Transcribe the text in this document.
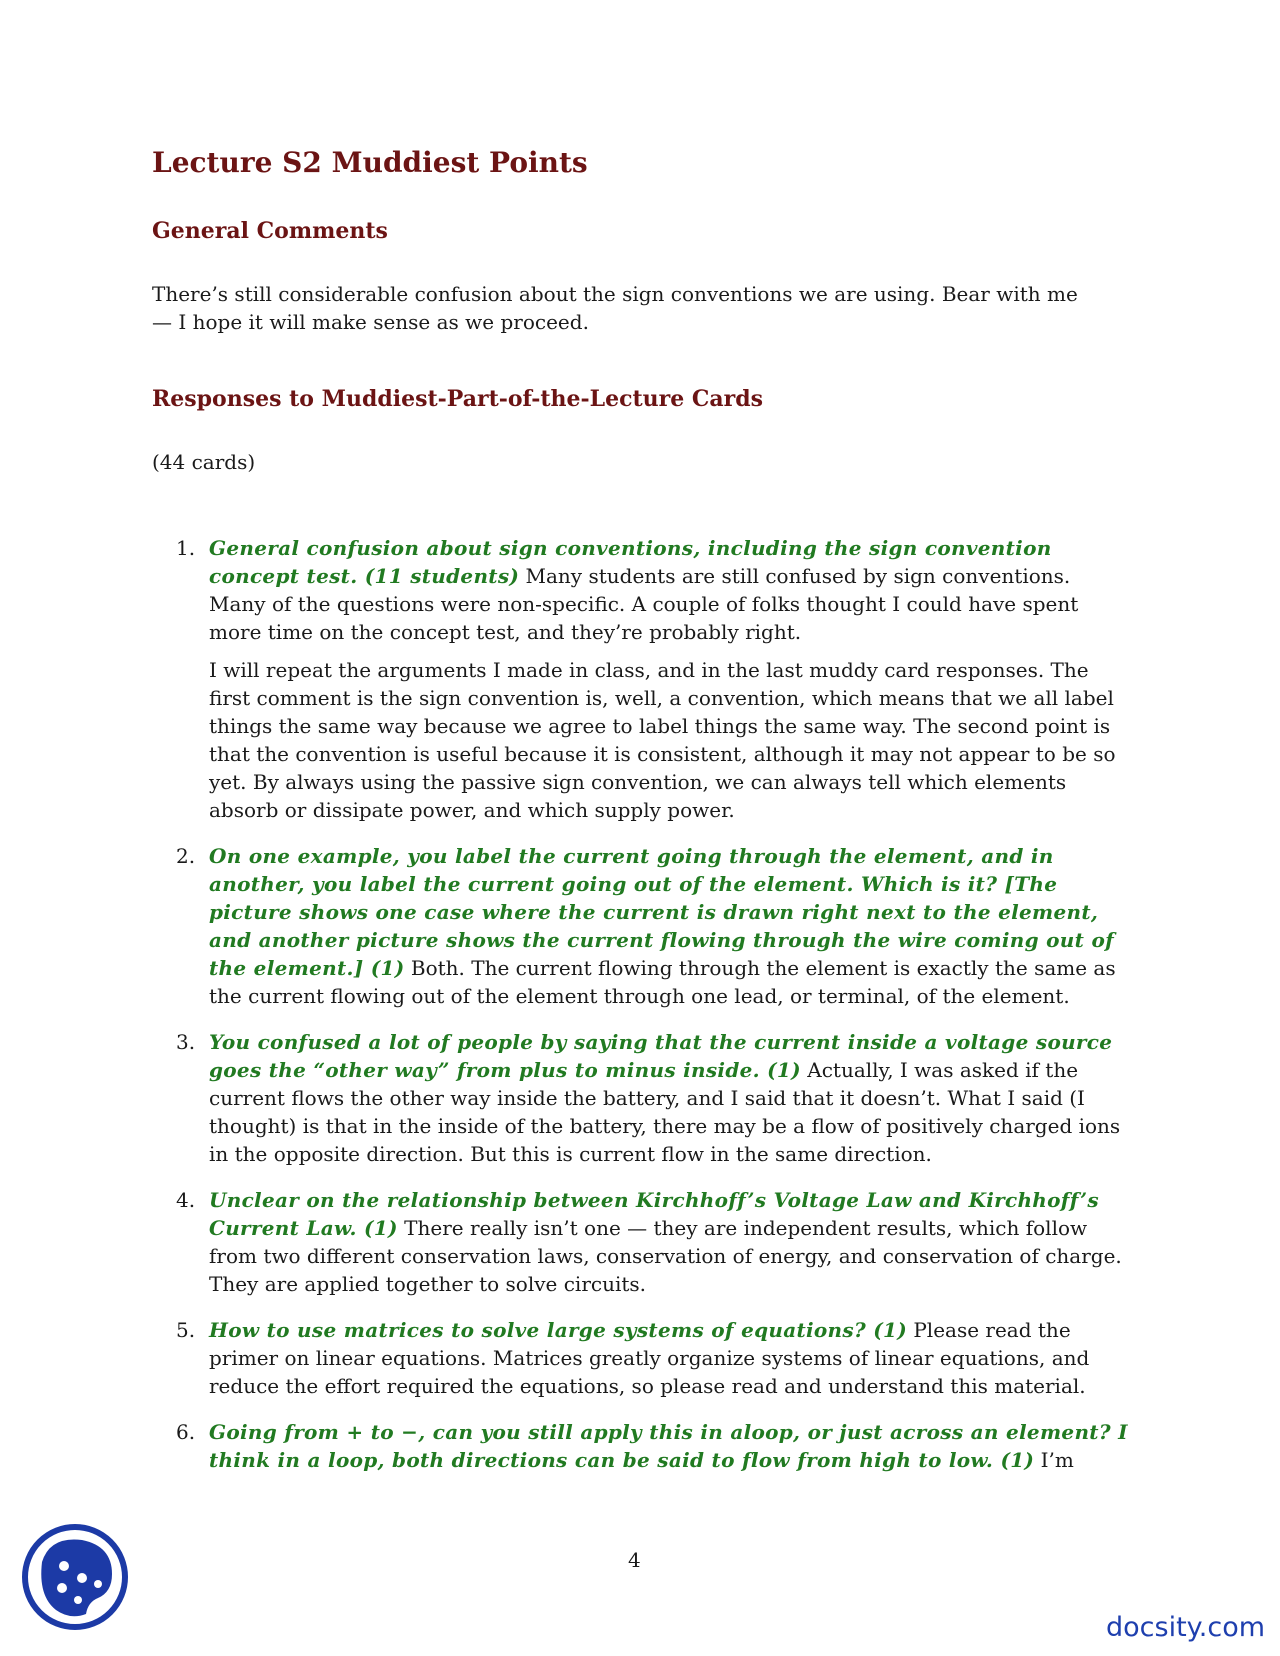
Lecture S2 Muddiest Points
General Comments

There’s still considerable confusion about the sign conventions we are using. Bear with me — I hope it will make sense as we proceed.

Responses to Muddiest-Part-of-the-Lecture Cards

(44 cards)

1. General confusion about sign conventions, including the sign convention concept test. (11 students) Many students are still confused by sign conventions. Many of the questions were non-specific. A couple of folks thought I could have spent more time on the concept test, and they’re probably right.

I will repeat the arguments I made in class, and in the last muddy card responses. The first comment is the sign convention is, well, a convention, which means that we all label things the same way because we agree to label things the same way. The second point is that the convention is useful because it is consistent, although it may not appear to be so yet. By always using the passive sign convention, we can always tell which elements absorb or dissipate power, and which supply power.

2. On one example, you label the current going through the element, and in another, you label the current going out of the element. Which is it? [The picture shows one case where the current is drawn right next to the element, and another picture shows the current flowing through the wire coming out of the element.] (1) Both. The current flowing through the element is exactly the same as the current flowing out of the element through one lead, or terminal, of the element.

3. You confused a lot of people by saying that the current inside a voltage source goes the “other way” from plus to minus inside. (1) Actually, I was asked if the current flows the other way inside the battery, and I said that it doesn’t. What I said (I thought) is that in the inside of the battery, there may be a flow of positively charged ions in the opposite direction. But this is current flow in the same direction.

4. Unclear on the relationship between Kirchhoff’s Voltage Law and Kirchhoff’s Current Law. (1) There really isn’t one — they are independent results, which follow from two different conservation laws, conservation of energy, and conservation of charge. They are applied together to solve circuits.

5. How to use matrices to solve large systems of equations? (1) Please read the primer on linear equations. Matrices greatly organize systems of linear equations, and reduce the effort required the equations, so please read and understand this material.

6. Going from + to −, can you still apply this in aloop, or just across an element? I think in a loop, both directions can be said to flow from high to low. (1) I’m

4

docsity.com
